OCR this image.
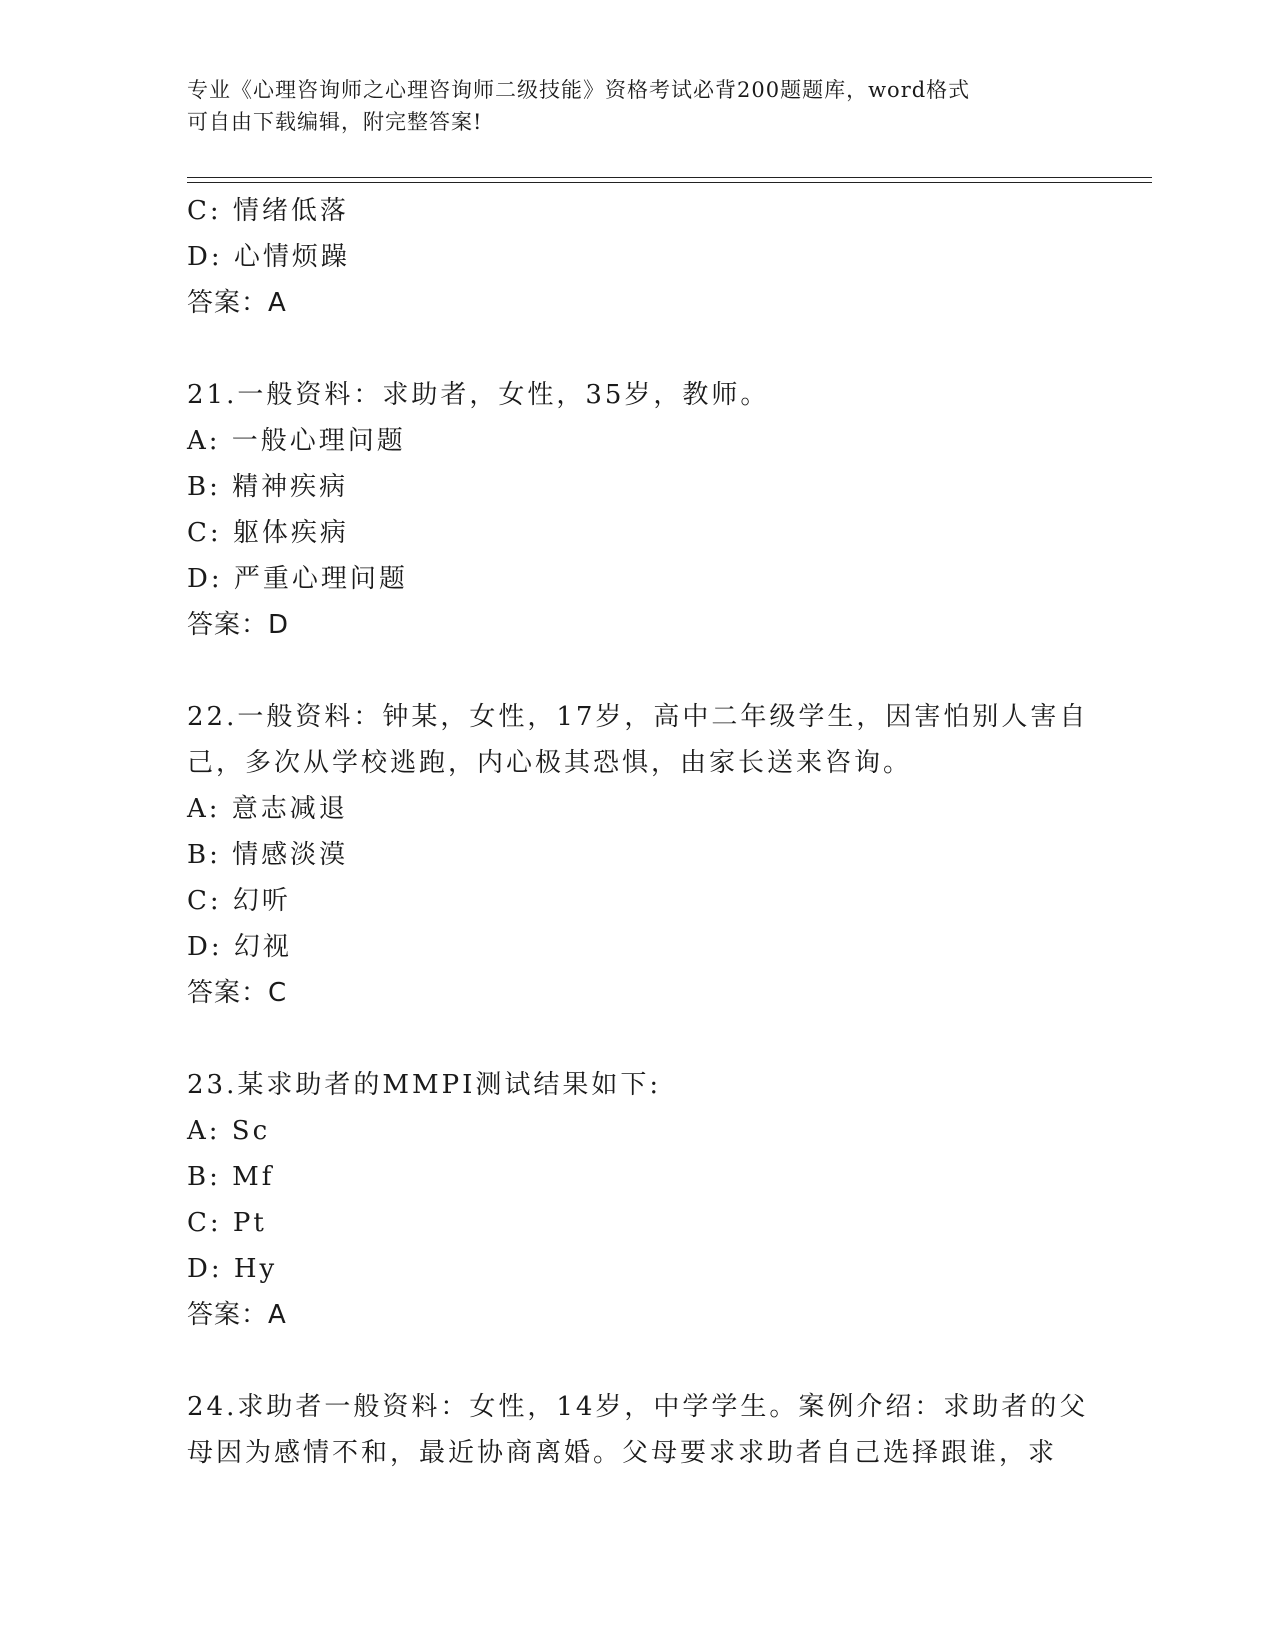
专业《心理咨询师之心理咨询师二级技能》资格考试必背200题题库，word格式
可自由下载编辑，附完整答案!
C: 情绪低落
D: 心情烦躁
答案：A
21.一般资料：求助者，女性，35岁，教师。
A: 一般心理问题
B: 精神疾病
C: 躯体疾病
D: 严重心理问题
答案：D
22.一般资料：钟某，女性，17岁，高中二年级学生，因害怕别人害自
己，多次从学校逃跑，内心极其恐惧，由家长送来咨询。
A: 意志减退
B: 情感淡漠
C: 幻听
D: 幻视
答案：C
23.某求助者的MMPI测试结果如下:
A: Sc
B: Mf
C: Pt
D: Hy
答案：A
24.求助者一般资料：女性，14岁，中学学生。案例介绍：求助者的父
母因为感情不和，最近协商离婚。父母要求求助者自己选择跟谁，求
